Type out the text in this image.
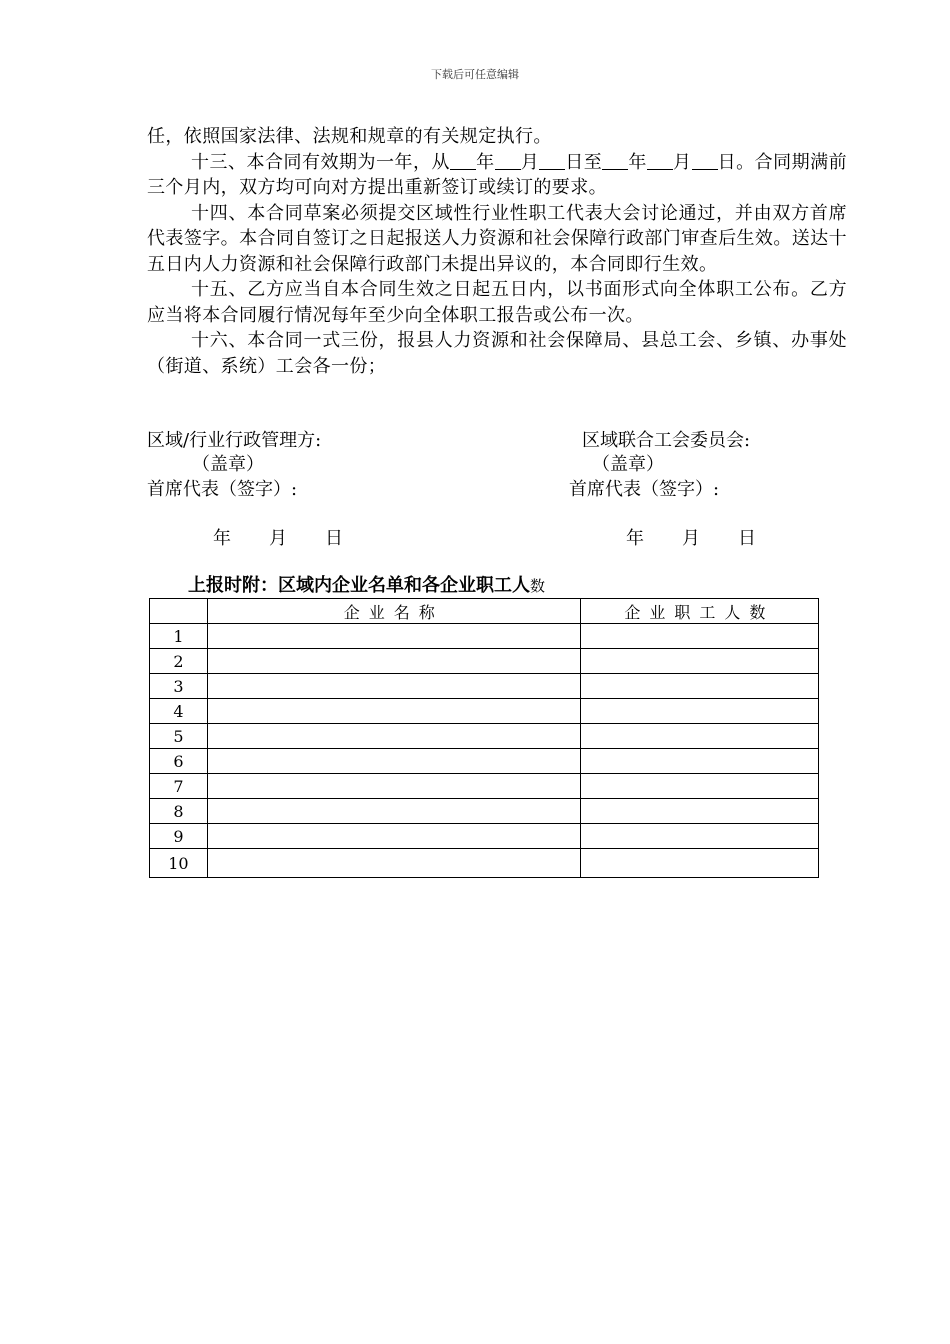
下载后可任意编辑

任，依照国家法律、法规和规章的有关规定执行。

十三、本合同有效期为一年，从 年 月 日至 年 月 日。合同期满前三个月内，双方均可向对方提出重新签订或续订的要求。

十四、本合同草案必须提交区域性行业性职工代表大会讨论通过，并由双方首席代表签字。本合同自签订之日起报送人力资源和社会保障行政部门审查后生效。送达十五日内人力资源和社会保障行政部门未提出异议的，本合同即行生效。

十五、乙方应当自本合同生效之日起五日内，以书面形式向全体职工公布。乙方应当将本合同履行情况每年至少向全体职工报告或公布一次。

十六、本合同一式三份，报县人力资源和社会保障局、县总工会、乡镇、办事处（街道、系统）工会各一份；

区域/行业行政管理方:	区域联合工会委员会:
（盖章）	（盖章）
首席代表（签字）:	首席代表（签字）:
年 月 日	年 月 日
上报时附：区域内企业名单和各企业职工人数
	企业名称	企业职工人数
1		
2		
3		
4		
5		
6		
7		
8		
9		
10		
